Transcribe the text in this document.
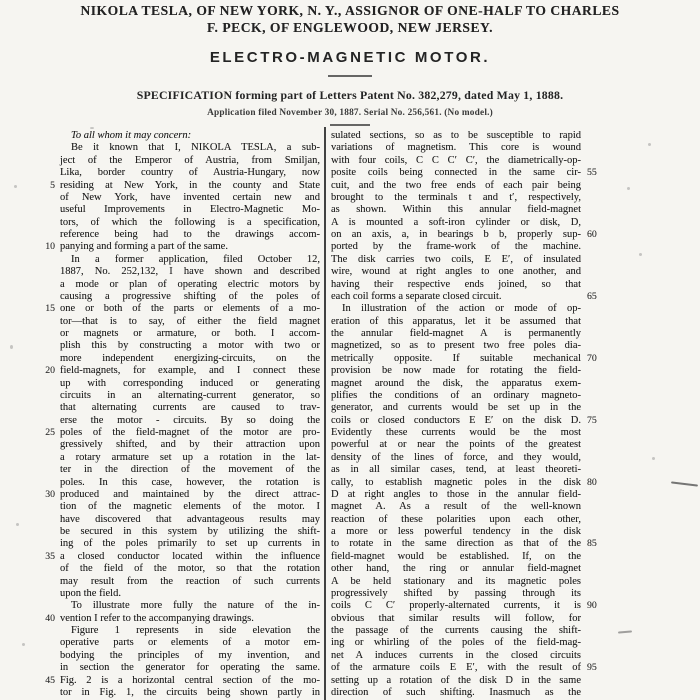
NIKOLA TESLA, OF NEW YORK, N. Y., ASSIGNOR OF ONE-HALF TO CHARLES
F. PECK, OF ENGLEWOOD, NEW JERSEY.
ELECTRO-MAGNETIC MOTOR.
SPECIFICATION forming part of Letters Patent No. 382,279, dated May 1, 1888.
Application filed November 30, 1887. Serial No. 256,561. (No model.)
To all whom it may concern:
Be it known that I, NIKOLA TESLA, a sub-
ject of the Emperor of Austria, from Smiljan,
Lika, border country of Austria-Hungary, now
5 residing at New York, in the county and State
of New York, have invented certain new and
useful Improvements in Electro-Magnetic Mo-
tors, of which the following is a specification,
reference being had to the drawings accom-
10 panying and forming a part of the same.
In a former application, filed October 12,
1887, No. 252,132, I have shown and described
a mode or plan of operating electric motors by
causing a progressive shifting of the poles of
15 one or both of the parts or elements of a mo-
tor—that is to say, of either the field magnet
or magnets or armature, or both. I accom-
plish this by constructing a motor with two or
more independent energizing-circuits, on the
20 field-magnets, for example, and I connect these
up with corresponding induced or generating
circuits in an alternating-current generator, so
that alternating currents are caused to trav-
erse the motor - circuits. By so doing the
25 poles of the field-magnet of the motor are pro-
gressively shifted, and by their attraction upon
a rotary armature set up a rotation in the lat-
ter in the direction of the movement of the
poles. In this case, however, the rotation is
30 produced and maintained by the direct attrac-
tion of the magnetic elements of the motor. I
have discovered that advantageous results may
be secured in this system by utilizing the shift-
ing of the poles primarily to set up currents in
35 a closed conductor located within the influence
of the field of the motor, so that the rotation
may result from the reaction of such currents
upon the field.
To illustrate more fully the nature of the in-
40 vention I refer to the accompanying drawings.
Figure 1 represents in side elevation the
operative parts or elements of a motor em-
bodying the principles of my invention, and
in section the generator for operating the same.
45 Fig. 2 is a horizontal central section of the mo-
tor in Fig. 1, the circuits being shown partly in
sulated sections, so as to be susceptible to rapid
variations of magnetism. This core is wound
with four coils, C C C′ C′, the diametrically-op-
posite coils being connected in the same cir- 55
cuit, and the two free ends of each pair being
brought to the terminals t and t′, respectively,
as shown. Within this annular field-magnet
A is mounted a soft-iron cylinder or disk, D,
on an axis, a, in bearings b b, properly sup- 60
ported by the frame-work of the machine.
The disk carries two coils, E E′, of insulated
wire, wound at right angles to one another, and
having their respective ends joined, so that
each coil forms a separate closed circuit.	65
In illustration of the action or mode of op-
eration of this apparatus, let it be assumed that
the annular field-magnet A is permanently
magnetized, so as to present two free poles dia-
metrically opposite. If suitable mechanical 70
provision be now made for rotating the field-
magnet around the disk, the apparatus exem-
plifies the conditions of an ordinary magneto-
generator, and currents would be set up in the
coils or closed conductors E E′ on the disk D. 75
Evidently these currents would be the most
powerful at or near the points of the greatest
density of the lines of force, and they would,
as in all similar cases, tend, at least theoreti-
cally, to establish magnetic poles in the disk 80
D at right angles to those in the annular field-
magnet A. As a result of the well-known
reaction of these polarities upon each other,
a more or less powerful tendency in the disk
to rotate in the same direction as that of the 85
field-magnet would be established. If, on the
other hand, the ring or annular field-magnet
A be held stationary and its magnetic poles
progressively shifted by passing through its
coils C C′ properly-alternated currents, it is 90
obvious that similar results will follow, for
the passage of the currents causing the shift-
ing or whirling of the poles of the field-mag-
net A induces currents in the closed circuits
of the armature coils E E′, with the result of 95
setting up a rotation of the disk D in the same
direction of such shifting. Inasmuch as the
